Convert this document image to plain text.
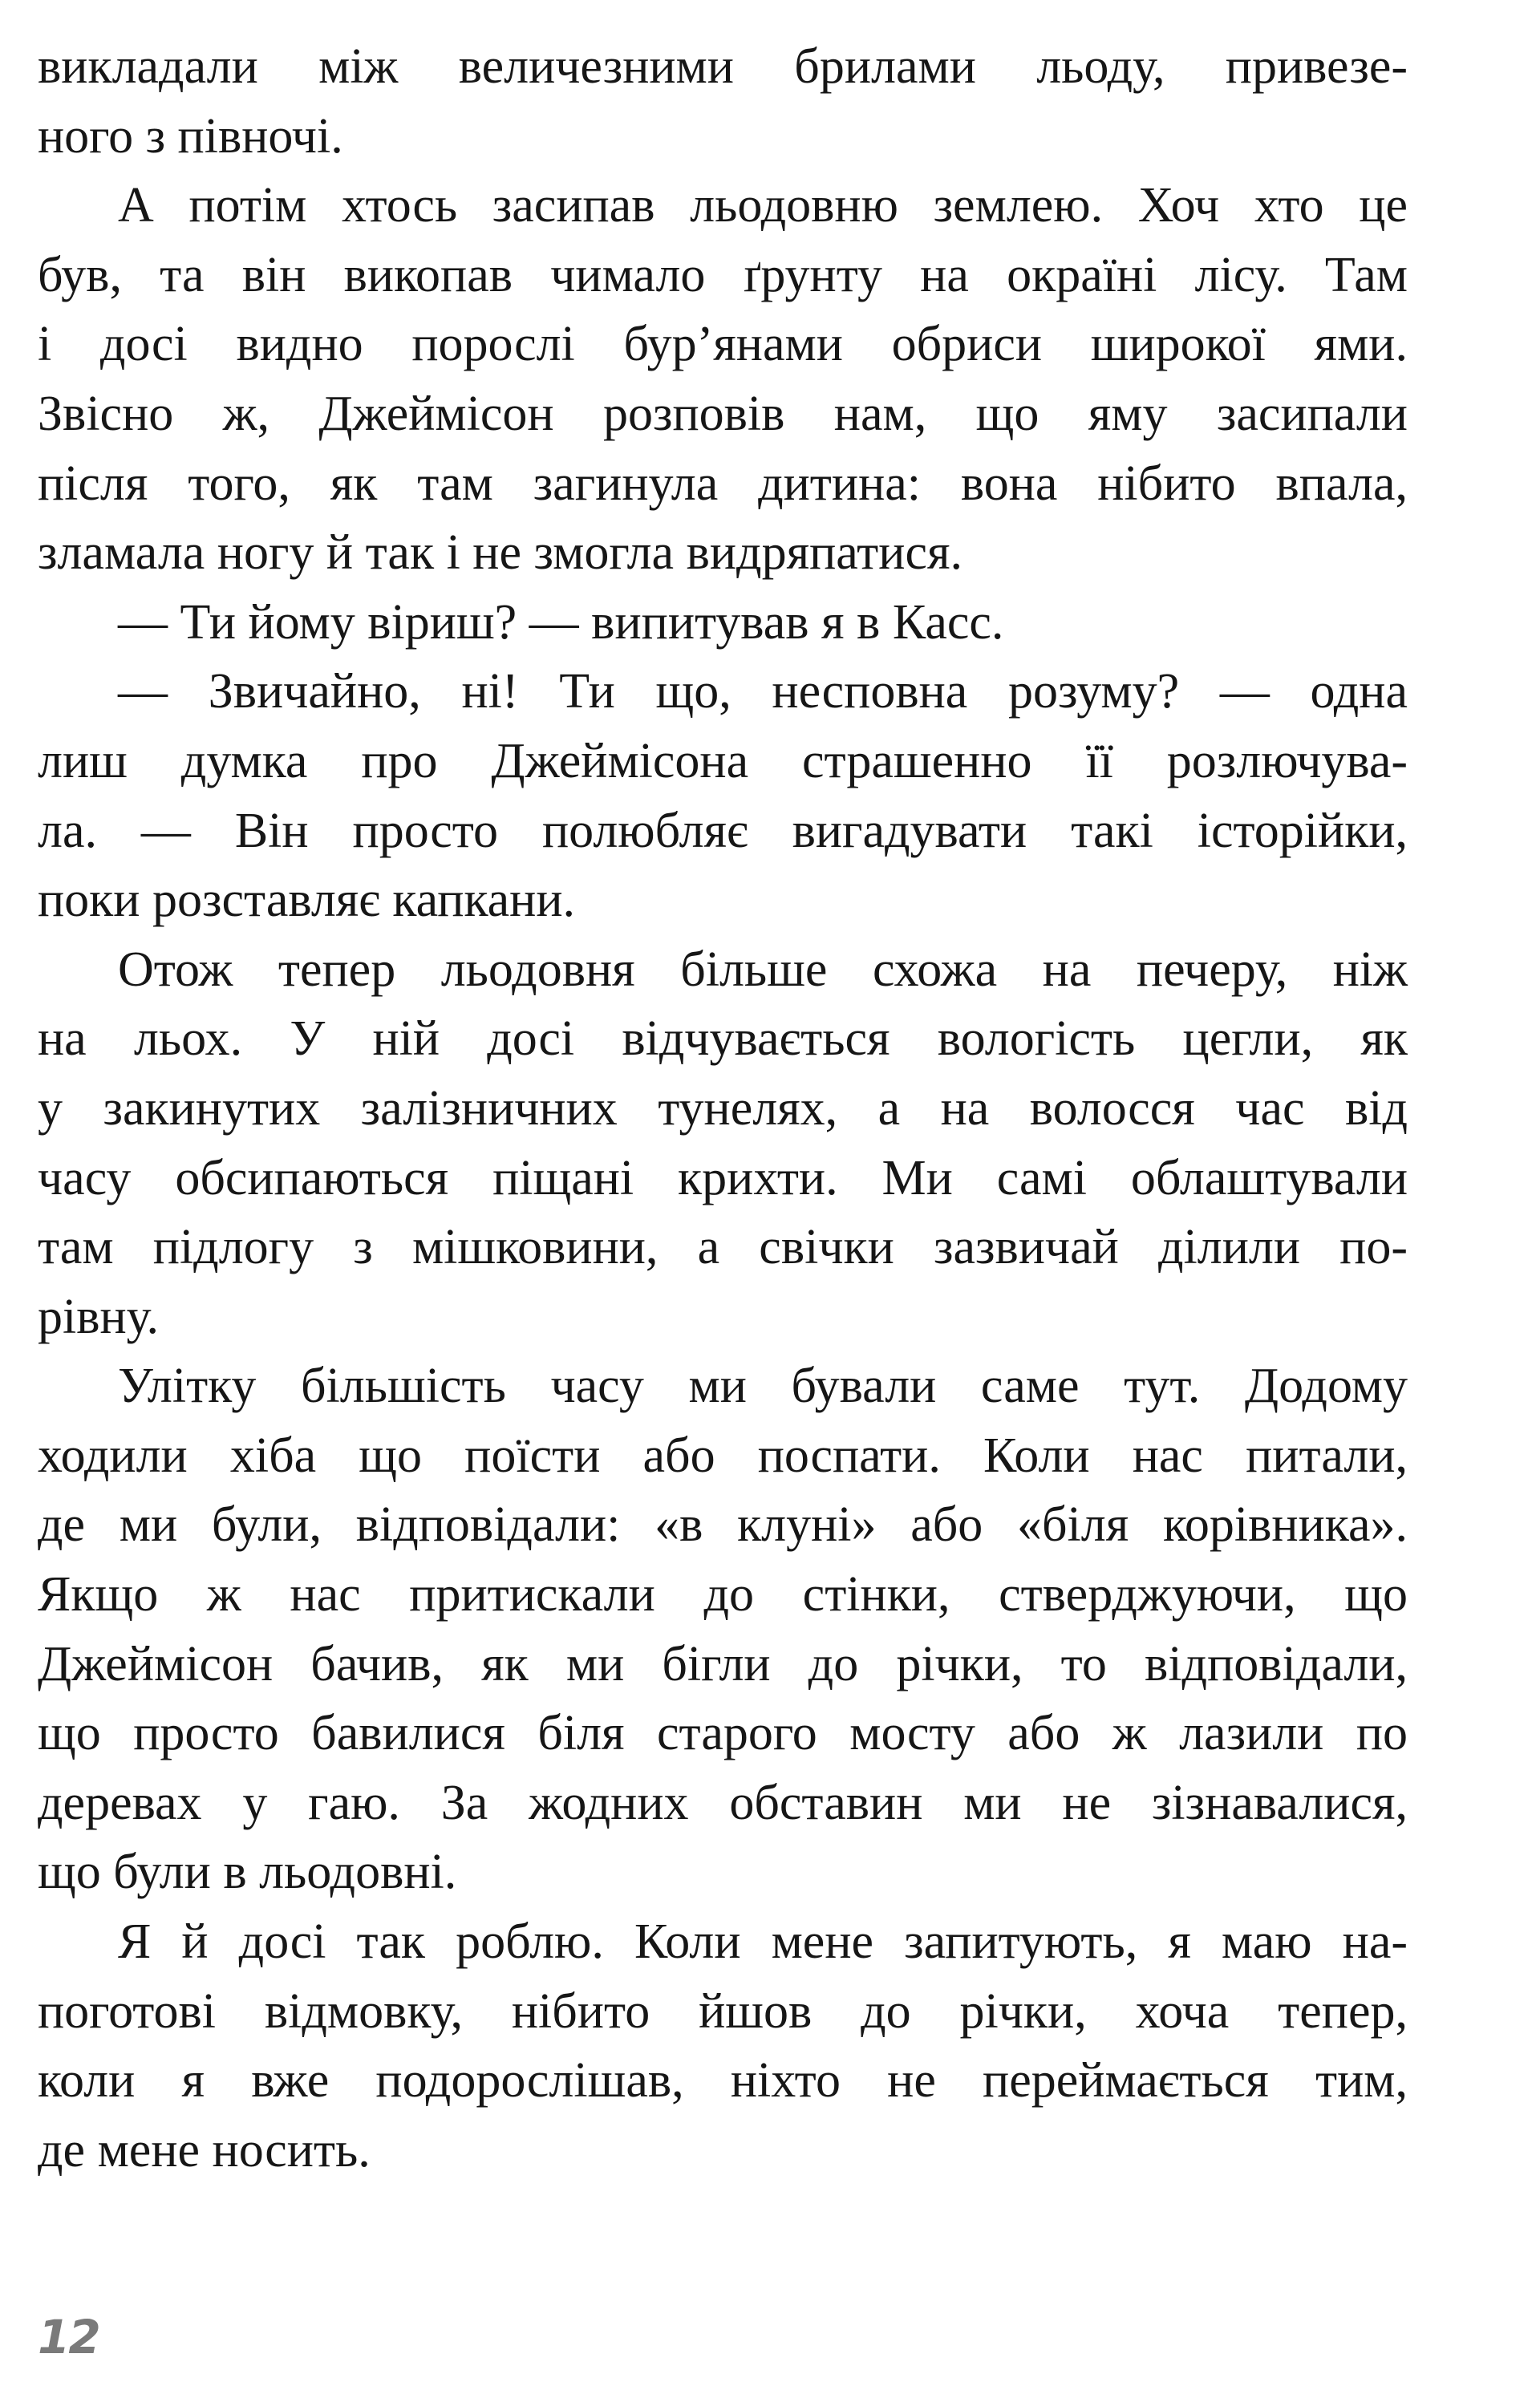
викладали між величезними брилами льоду, привезе-
ного з півночі.
А потім хтось засипав льодовню землею. Хоч хто це
був, та він викопав чимало ґрунту на окраїні лісу. Там
і досі видно порослі бур’янами обриси широкої ями.
Звісно ж, Джеймісон розповів нам, що яму засипали
після того, як там загинула дитина: вона нібито впала,
зламала ногу й так і не змогла видряпатися.
— Ти йому віриш? — випитував я в Касс.
— Звичайно, ні! Ти що, несповна розуму? — одна
лиш думка про Джеймісона страшенно її розлючува-
ла. — Він просто полюбляє вигадувати такі історійки,
поки розставляє капкани.
Отож тепер льодовня більше схожа на печеру, ніж
на льох. У ній досі відчувається вологість цегли, як
у закинутих залізничних тунелях, а на волосся час від
часу обсипаються піщані крихти. Ми самі облаштували
там підлогу з мішковини, а свічки зазвичай ділили по-
рівну.
Улітку більшість часу ми бували саме тут. Додому
ходили хіба що поїсти або поспати. Коли нас питали,
де ми були, відповідали: «в клуні» або «біля корівника».
Якщо ж нас притискали до стінки, стверджуючи, що
Джеймісон бачив, як ми бігли до річки, то відповідали,
що просто бавилися біля старого мосту або ж лазили по
деревах у гаю. За жодних обставин ми не зізнавалися,
що були в льодовні.
Я й досі так роблю. Коли мене запитують, я маю на-
поготові відмовку, нібито йшов до річки, хоча тепер,
коли я вже подорослішав, ніхто не переймається тим,
де мене носить.
12
